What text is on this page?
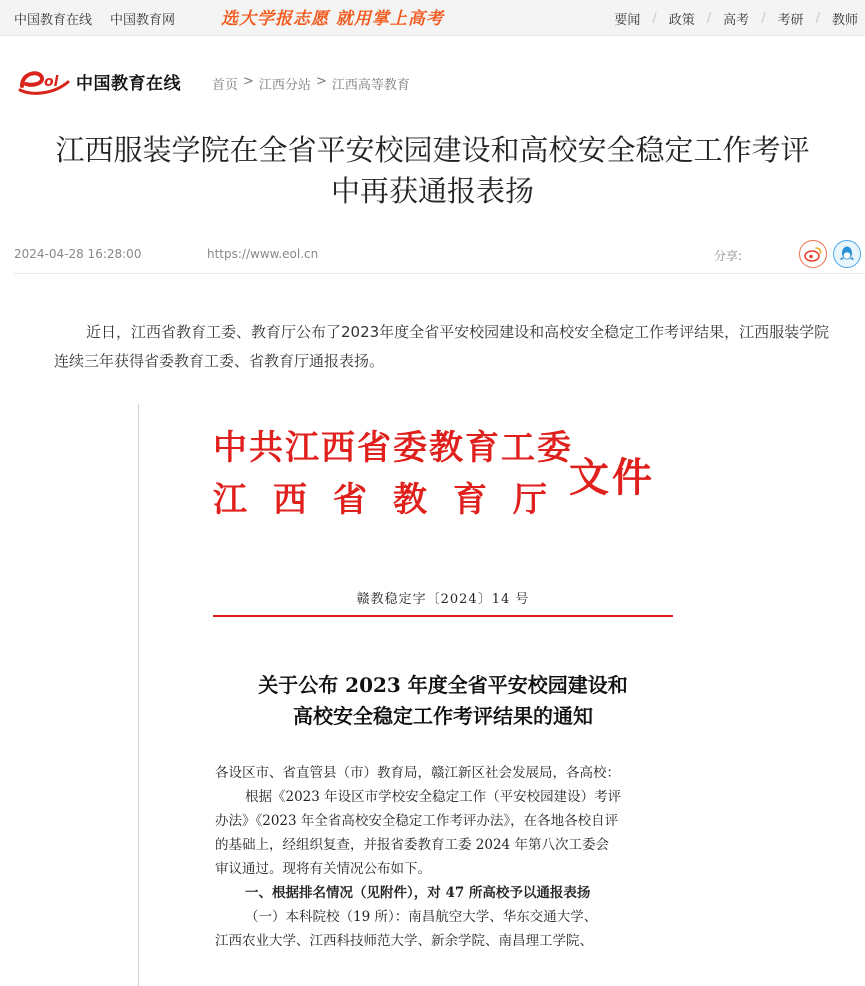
中国教育在线 中国教育网	选大学报志愿 就用掌上高考	要闻 / 政策 / 高考 / 考研 / 教师
ol 中国教育在线 首页 > 江西分站 > 江西高等教育
江西服装学院在全省平安校园建设和高校安全稳定工作考评
中再获通报表扬
2024-04-28 16:28:00	https://www.eol.cn	分享:

近日，江西省教育工委、教育厅公布了2023年度全省平安校园建设和高校安全稳定工作考评结果，江西服装学院连续三年获得省委教育工委、省教育厅通报表扬。

中共江西省委教育工委
江西省教育厅
文件
赣教稳定字〔2024〕14 号
关于公布 2023 年度全省平安校园建设和
高校安全稳定工作考评结果的通知
各设区市、省直管县（市）教育局，赣江新区社会发展局，各高校：
根据《2023 年设区市学校安全稳定工作（平安校园建设）考评
办法》《2023 年全省高校安全稳定工作考评办法》，在各地各校自评
的基础上，经组织复查，并报省委教育工委 2024 年第八次工委会
审议通过。现将有关情况公布如下。
一、根据排名情况（见附件），对 47 所高校予以通报表扬
（一）本科院校（19 所）：南昌航空大学、华东交通大学、
江西农业大学、江西科技师范大学、新余学院、南昌理工学院、
